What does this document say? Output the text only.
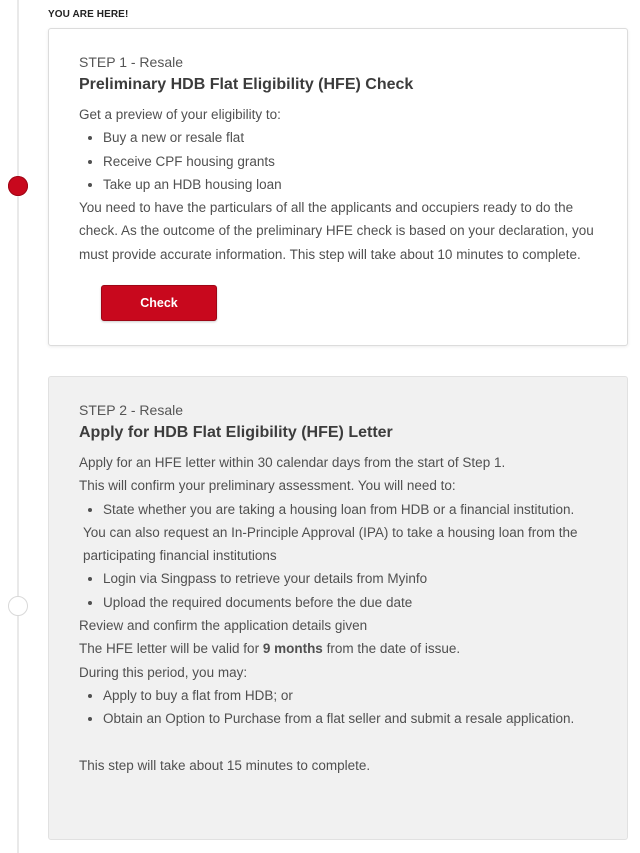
YOU ARE HERE!

STEP 1 - Resale

Preliminary HDB Flat Eligibility (HFE) Check

Get a preview of your eligibility to:

• Buy a new or resale flat
• Receive CPF housing grants
• Take up an HDB housing loan

You need to have the particulars of all the applicants and occupiers ready to do the check. As the outcome of the preliminary HFE check is based on your declaration, you must provide accurate information. This step will take about 10 minutes to complete.

Check

STEP 2 - Resale

Apply for HDB Flat Eligibility (HFE) Letter

Apply for an HFE letter within 30 calendar days from the start of Step 1.

This will confirm your preliminary assessment. You will need to:

• State whether you are taking a housing loan from HDB or a financial institution.

You can also request an In-Principle Approval (IPA) to take a housing loan from the participating financial institutions

• Login via Singpass to retrieve your details from Myinfo
• Upload the required documents before the due date

Review and confirm the application details given

The HFE letter will be valid for 9 months from the date of issue.

During this period, you may:

• Apply to buy a flat from HDB; or
• Obtain an Option to Purchase from a flat seller and submit a resale application.

This step will take about 15 minutes to complete.
